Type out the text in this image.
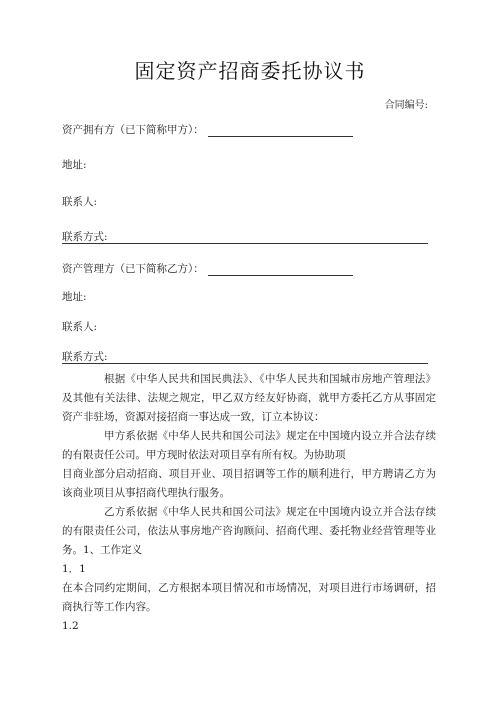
固定资产招商委托协议书
合同编号:
资产拥有方（已下简称甲方）：
地址:
联系人:
联系方式:
资产管理方（已下简称乙方）：
地址:
联系人:
联系方式:
根据《中华人民共和国民典法》、《中华人民共和国城市房地产管理法》及其他有关法律、法规之规定，甲乙双方经友好协商，就甲方委托乙方从事固定资产非驻场，资源对接招商一事达成一致，订立本协议：
甲方系依据《中华人民共和国公司法》规定在中国境内设立并合法存续的有限责任公司。甲方现时依法对项目享有所有权。为协助项
目商业部分启动招商、项目开业、项目招调等工作的顺利进行，甲方聘请乙方为该商业项目从事招商代理执行服务。
乙方系依据《中华人民共和国公司法》规定在中国境内设立并合法存续的有限责任公司，依法从事房地产咨询顾问、招商代理、委托物业经营管理等业务。1、工作定义
1．1
在本合同约定期间，乙方根据本项目情况和市场情况，对项目进行市场调研，招商执行等工作内容。
1.2
